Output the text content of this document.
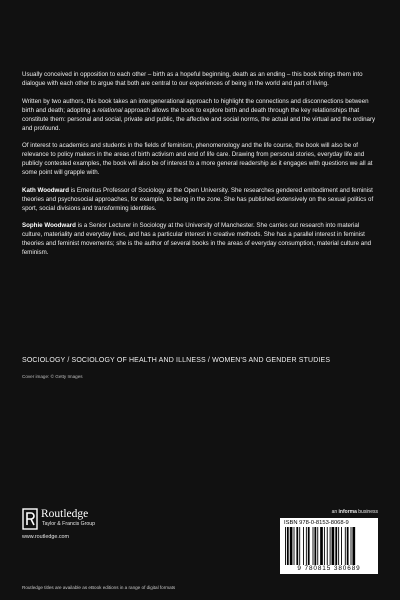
Usually conceived in opposition to each other – birth as a hopeful beginning, death as an ending – this book brings them into dialogue with each other to argue that both are central to our experiences of being in the world and part of living.

Written by two authors, this book takes an intergenerational approach to highlight the connections and disconnections between birth and death; adopting a relational approach allows the book to explore birth and death through the key relationships that constitute them: personal and social, private and public, the affective and social norms, the actual and the virtual and the ordinary and profound.

Of interest to academics and students in the fields of feminism, phenomenology and the life course, the book will also be of relevance to policy makers in the areas of birth activism and end of life care. Drawing from personal stories, everyday life and publicly contested examples, the book will also be of interest to a more general readership as it engages with questions we all at some point will grapple with.

Kath Woodward is Emeritus Professor of Sociology at the Open University. She researches gendered embodiment and feminist theories and psychosocial approaches, for example, to being in the zone. She has published extensively on the sexual politics of sport, social divisions and transforming identities.

Sophie Woodward is a Senior Lecturer in Sociology at the University of Manchester. She carries out research into material culture, materiality and everyday lives, and has a particular interest in creative methods. She has a parallel interest in feminist theories and feminist movements; she is the author of several books in the areas of everyday consumption, material culture and feminism.

SOCIOLOGY / SOCIOLOGY OF HEALTH AND ILLNESS / WOMEN'S AND GENDER STUDIES
Cover image: © Getty Images
Routledge
Taylor & Francis Group
www.routledge.com
an informa business
ISBN 978-0-8153-8068-9
9 780815 380689
Routledge titles are available as eBook editions in a range of digital formats
